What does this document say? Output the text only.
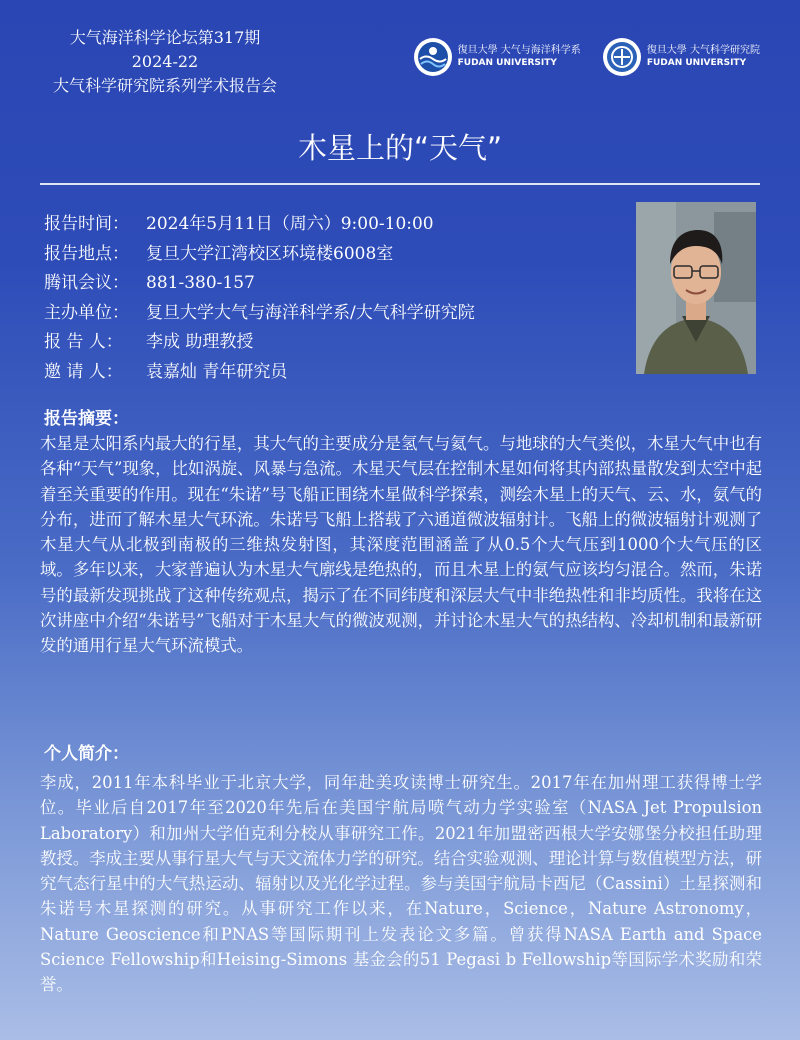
大气海洋科学论坛第317期
2024-22
大气科学研究院系列学术报告会
復旦大學 大气与海洋科学系
FUDAN UNIVERSITY
復旦大學 大气科学研究院
FUDAN UNIVERSITY
木星上的“天气”
报告时间：	2024年5月11日（周六）9:00-10:00
报告地点：	复旦大学江湾校区环境楼6008室
腾讯会议：	881-380-157
主办单位：	复旦大学大气与海洋科学系/大气科学研究院
报 告 人：	李成 助理教授
邀 请 人：	袁嘉灿 青年研究员
报告摘要：
木星是太阳系内最大的行星，其大气的主要成分是氢气与氦气。与地球的大气类似，木星大气中也有各种“天气”现象，比如涡旋、风暴与急流。木星天气层在控制木星如何将其内部热量散发到太空中起着至关重要的作用。现在“朱诺”号飞船正围绕木星做科学探索，测绘木星上的天气、云、水，氨气的分布，进而了解木星大气环流。朱诺号飞船上搭载了六通道微波辐射计。飞船上的微波辐射计观测了木星大气从北极到南极的三维热发射图，其深度范围涵盖了从0.5个大气压到1000个大气压的区域。多年以来，大家普遍认为木星大气廓线是绝热的，而且木星上的氨气应该均匀混合。然而，朱诺号的最新发现挑战了这种传统观点，揭示了在不同纬度和深层大气中非绝热性和非均质性。我将在这次讲座中介绍“朱诺号”飞船对于木星大气的微波观测，并讨论木星大气的热结构、冷却机制和最新研发的通用行星大气环流模式。
个人简介：
李成，2011年本科毕业于北京大学，同年赴美攻读博士研究生。2017年在加州理工获得博士学位。毕业后自2017年至2020年先后在美国宇航局喷气动力学实验室（NASA Jet Propulsion Laboratory）和加州大学伯克利分校从事研究工作。2021年加盟密西根大学安娜堡分校担任助理教授。李成主要从事行星大气与天文流体力学的研究。结合实验观测、理论计算与数值模型方法，研究气态行星中的大气热运动、辐射以及光化学过程。参与美国宇航局卡西尼（Cassini）土星探测和朱诺号木星探测的研究。从事研究工作以来，在Nature，Science，Nature Astronomy，Nature Geoscience和PNAS等国际期刊上发表论文多篇。曾获得NASA Earth and Space Science Fellowship和Heising-Simons 基金会的51 Pegasi b Fellowship等国际学术奖励和荣誉。
